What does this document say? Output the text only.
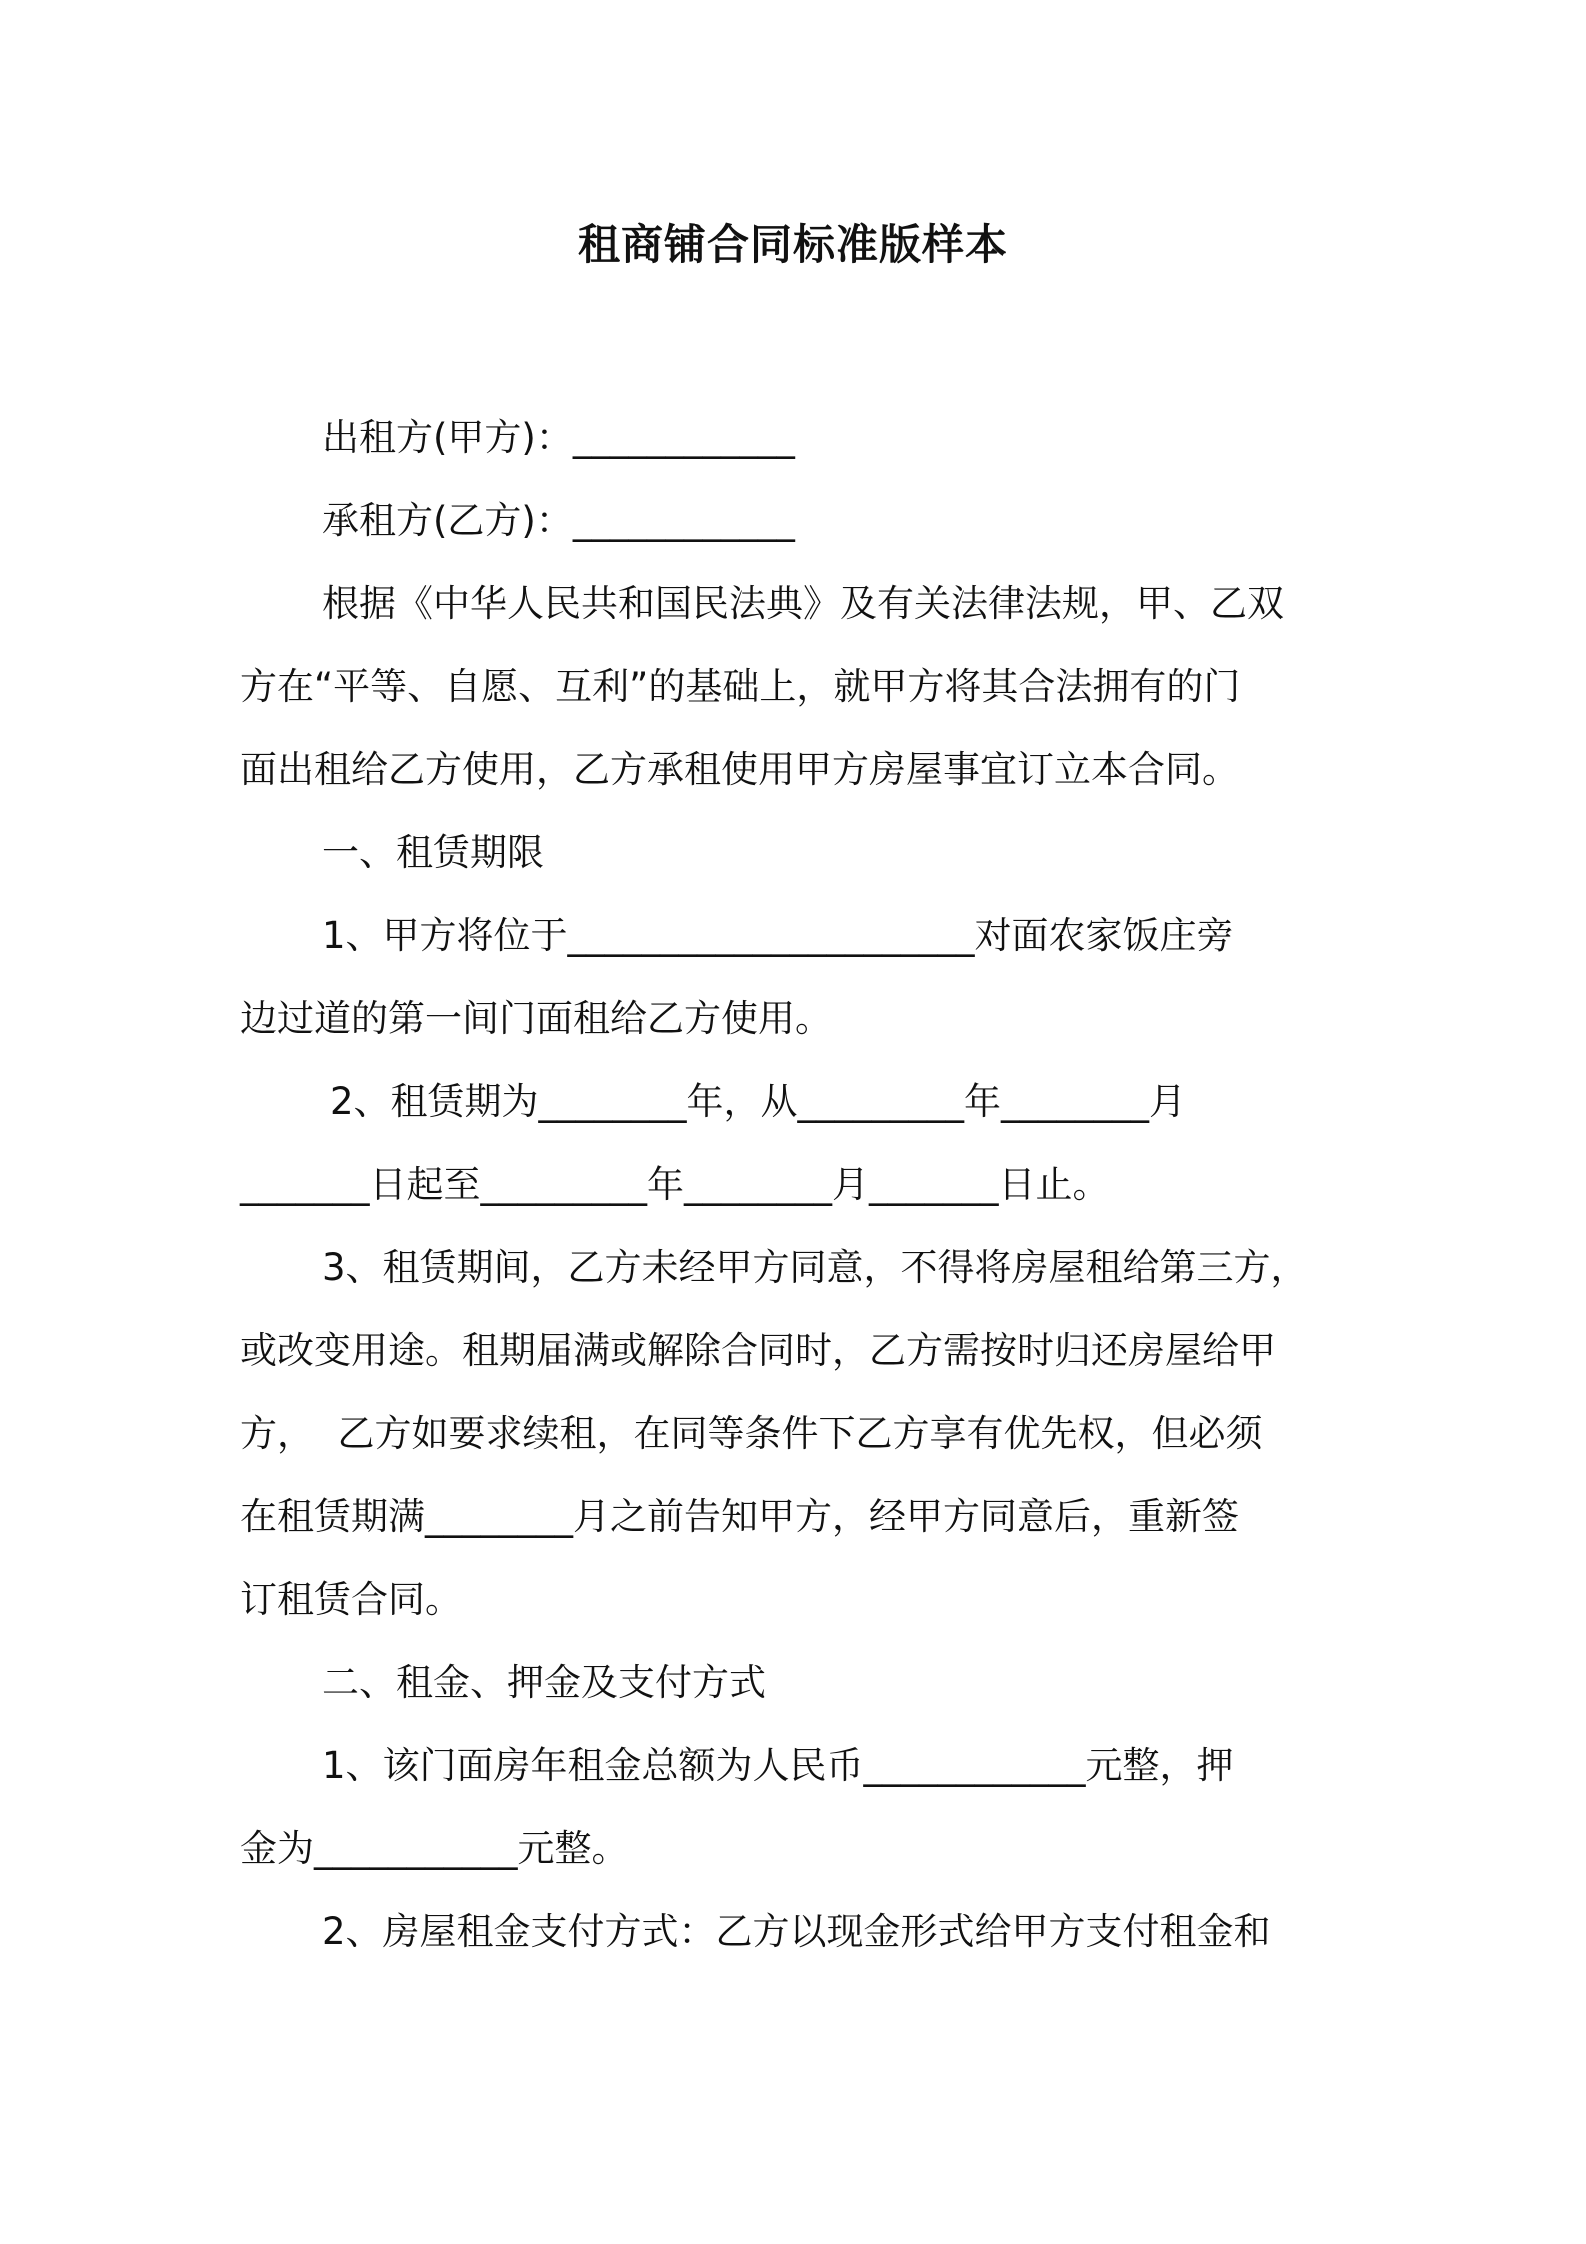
租商铺合同标准版样本
出租方(甲方)：____________
承租方(乙方)：____________
根据《中华人民共和国民法典》及有关法律法规，甲、乙双
方在“平等、自愿、互利”的基础上，就甲方将其合法拥有的门
面出租给乙方使用，乙方承租使用甲方房屋事宜订立本合同。
一、租赁期限
1、甲方将位于______________________对面农家饭庄旁
边过道的第一间门面租给乙方使用。
2、租赁期为________年，从_________年________月
_______日起至_________年________月_______日止。
3、租赁期间，乙方未经甲方同意，不得将房屋租给第三方，
或改变用途。租期届满或解除合同时，乙方需按时归还房屋给甲
方，  乙方如要求续租，在同等条件下乙方享有优先权，但必须
在租赁期满________月之前告知甲方，经甲方同意后，重新签
订租赁合同。
二、租金、押金及支付方式
1、该门面房年租金总额为人民币____________元整，押
金为___________元整。
2、房屋租金支付方式：乙方以现金形式给甲方支付租金和
